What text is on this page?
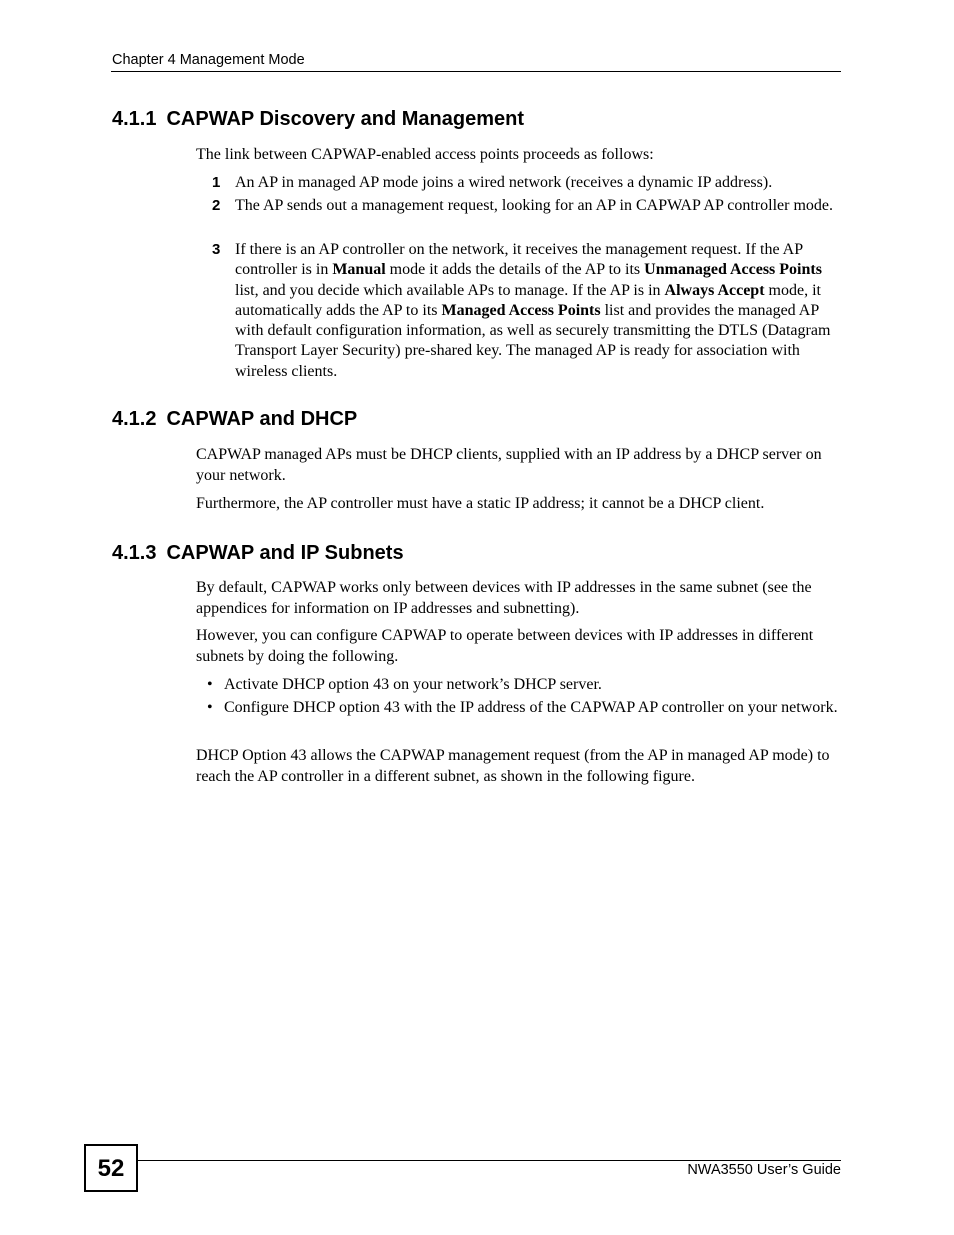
Chapter 4 Management Mode
4.1.1 CAPWAP Discovery and Management

The link between CAPWAP-enabled access points proceeds as follows:

1 An AP in managed AP mode joins a wired network (receives a dynamic IP address).

2 The AP sends out a management request, looking for an AP in CAPWAP AP controller mode.

3 If there is an AP controller on the network, it receives the management request. If the AP controller is in Manual mode it adds the details of the AP to its Unmanaged Access Points list, and you decide which available APs to manage. If the AP is in Always Accept mode, it automatically adds the AP to its Managed Access Points list and provides the managed AP with default configuration information, as well as securely transmitting the DTLS (Datagram Transport Layer Security) pre-shared key. The managed AP is ready for association with wireless clients.

4.1.2 CAPWAP and DHCP

CAPWAP managed APs must be DHCP clients, supplied with an IP address by a DHCP server on your network.

Furthermore, the AP controller must have a static IP address; it cannot be a DHCP client.

4.1.3 CAPWAP and IP Subnets

By default, CAPWAP works only between devices with IP addresses in the same subnet (see the appendices for information on IP addresses and subnetting).

However, you can configure CAPWAP to operate between devices with IP addresses in different subnets by doing the following.

• Activate DHCP option 43 on your network’s DHCP server.

• Configure DHCP option 43 with the IP address of the CAPWAP AP controller on your network.

DHCP Option 43 allows the CAPWAP management request (from the AP in managed AP mode) to reach the AP controller in a different subnet, as shown in the following figure.

52	NWA3550 User’s Guide
